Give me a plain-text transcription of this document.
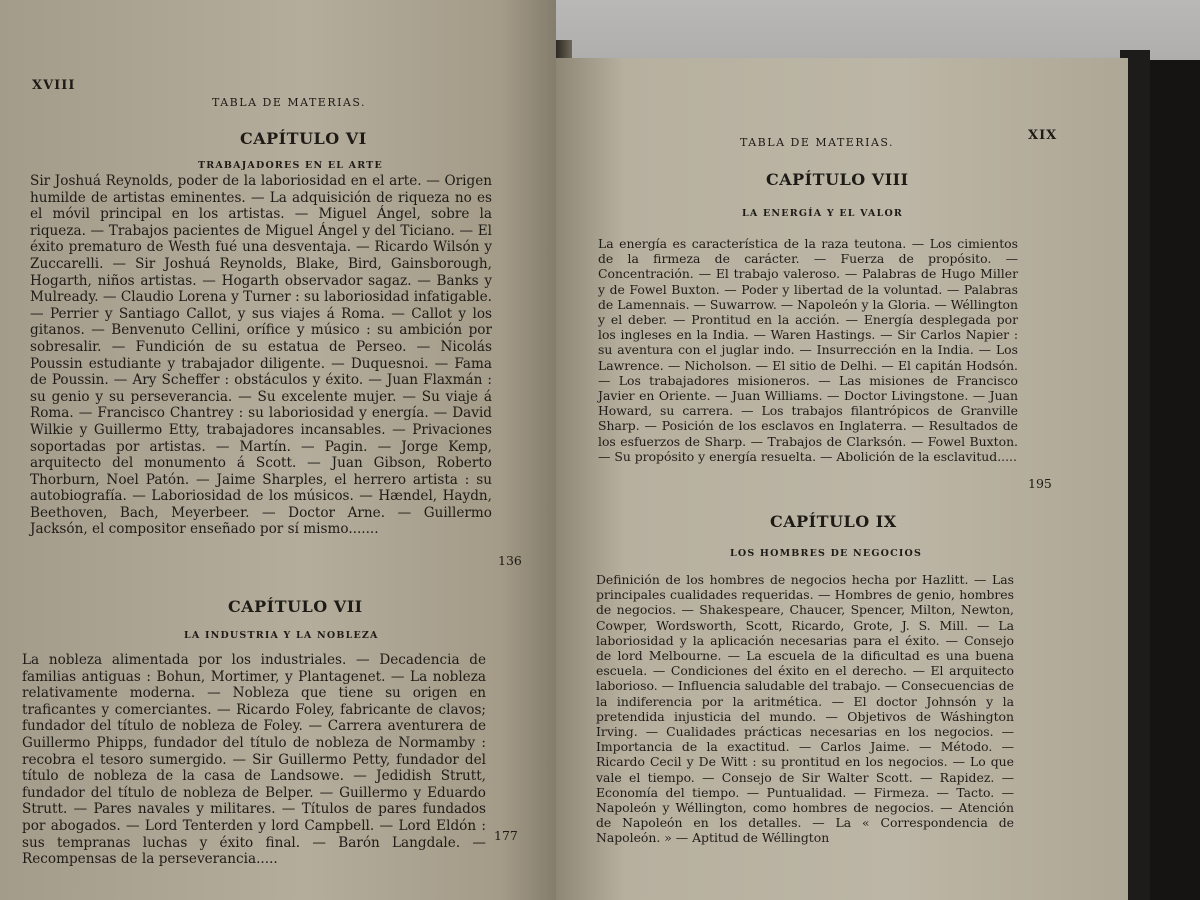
XVIII
TABLA DE MATERIAS.
CAPÍTULO VI
TRABAJADORES EN EL ARTE

Sir Joshuá Reynolds, poder de la laboriosidad en el arte. — Origen humilde de artistas eminentes. — La adquisición de riqueza no es el móvil principal en los artistas. — Miguel Ángel, sobre la riqueza. — Trabajos pacientes de Miguel Ángel y del Ticiano. — El éxito prematuro de Westh fué una desventaja. — Ricardo Wilsón y Zuccarelli. — Sir Joshuá Reynolds, Blake, Bird, Gainsborough, Hogarth, niños artistas. — Hogarth observador sagaz. — Banks y Mulready. — Claudio Lorena y Turner : su laboriosidad infatigable. — Perrier y Santiago Callot, y sus viajes á Roma. — Callot y los gitanos. — Benvenuto Cellini, orífice y músico : su ambición por sobresalir. — Fundición de su estatua de Perseo. — Nicolás Poussin estudiante y trabajador diligente. — Duquesnoi. — Fama de Poussin. — Ary Scheffer : obstáculos y éxito. — Juan Flaxmán : su genio y su perseverancia. — Su excelente mujer. — Su viaje á Roma. — Francisco Chantrey : su laboriosidad y energía. — David Wilkie y Guillermo Etty, trabajadores incansables. — Privaciones soportadas por artistas. — Martín. — Pagin. — Jorge Kemp, arquitecto del monumento á Scott. — Juan Gibson, Roberto Thorburn, Noel Patón. — Jaime Sharples, el herrero artista : su autobiografía. — Laboriosidad de los músicos. — Hændel, Haydn, Beethoven, Bach, Meyerbeer. — Doctor Arne. — Guillermo Jacksón, el compositor enseñado por sí mismo.......

136
CAPÍTULO VII
LA INDUSTRIA Y LA NOBLEZA

La nobleza alimentada por los industriales. — Decadencia de familias antiguas : Bohun, Mortimer, y Plantagenet. — La nobleza relativamente moderna. — Nobleza que tiene su origen en traficantes y comerciantes. — Ricardo Foley, fabricante de clavos; fundador del título de nobleza de Foley. — Carrera aventurera de Guillermo Phipps, fundador del título de nobleza de Normamby : recobra el tesoro sumergido. — Sir Guillermo Petty, fundador del título de nobleza de la casa de Landsowe. — Jedidish Strutt, fundador del título de nobleza de Belper. — Guillermo y Eduardo Strutt. — Pares navales y militares. — Títulos de pares fundados por abogados. — Lord Tenterden y lord Campbell. — Lord Eldón : sus tempranas luchas y éxito final. — Barón Langdale. — Recompensas de la perseverancia.....

177
TABLA DE MATERIAS.	XIX
CAPÍTULO VIII
LA ENERGÍA Y EL VALOR

La energía es característica de la raza teutona. — Los cimientos de la firmeza de carácter. — Fuerza de propósito. — Concentración. — El trabajo valeroso. — Palabras de Hugo Miller y de Fowel Buxton. — Poder y libertad de la voluntad. — Palabras de Lamennais. — Suwarrow. — Napoleón y la Gloria. — Wéllington y el deber. — Prontitud en la acción. — Energía desplegada por los ingleses en la India. — Waren Hastings. — Sir Carlos Napier : su aventura con el juglar indo. — Insurrección en la India. — Los Lawrence. — Nicholson. — El sitio de Delhi. — El capitán Hodsón. — Los trabajadores misioneros. — Las misiones de Francisco Javier en Oriente. — Juan Williams. — Doctor Livingstone. — Juan Howard, su carrera. — Los trabajos filantrópicos de Granville Sharp. — Posición de los esclavos en Inglaterra. — Resultados de los esfuerzos de Sharp. — Trabajos de Clarksón. — Fowel Buxton. — Su propósito y energía resuelta. — Abolición de la esclavitud.....

195
CAPÍTULO IX
LOS HOMBRES DE NEGOCIOS

Definición de los hombres de negocios hecha por Hazlitt. — Las principales cualidades requeridas. — Hombres de genio, hombres de negocios. — Shakespeare, Chaucer, Spencer, Milton, Newton, Cowper, Wordsworth, Scott, Ricardo, Grote, J. S. Mill. — La laboriosidad y la aplicación necesarias para el éxito. — Consejo de lord Melbourne. — La escuela de la dificultad es una buena escuela. — Condiciones del éxito en el derecho. — El arquitecto laborioso. — Influencia saludable del trabajo. — Consecuencias de la indiferencia por la aritmética. — El doctor Johnsón y la pretendida injusticia del mundo. — Objetivos de Wáshington Irving. — Cualidades prácticas necesarias en los negocios. — Importancia de la exactitud. — Carlos Jaime. — Método. — Ricardo Cecil y De Witt : su prontitud en los negocios. — Lo que vale el tiempo. — Consejo de Sir Walter Scott. — Rapidez. — Economía del tiempo. — Puntualidad. — Firmeza. — Tacto. — Napoleón y Wéllington, como hombres de negocios. — Atención de Napoleón en los detalles. — La « Correspondencia de Napoleón. » — Aptitud de Wéllington
